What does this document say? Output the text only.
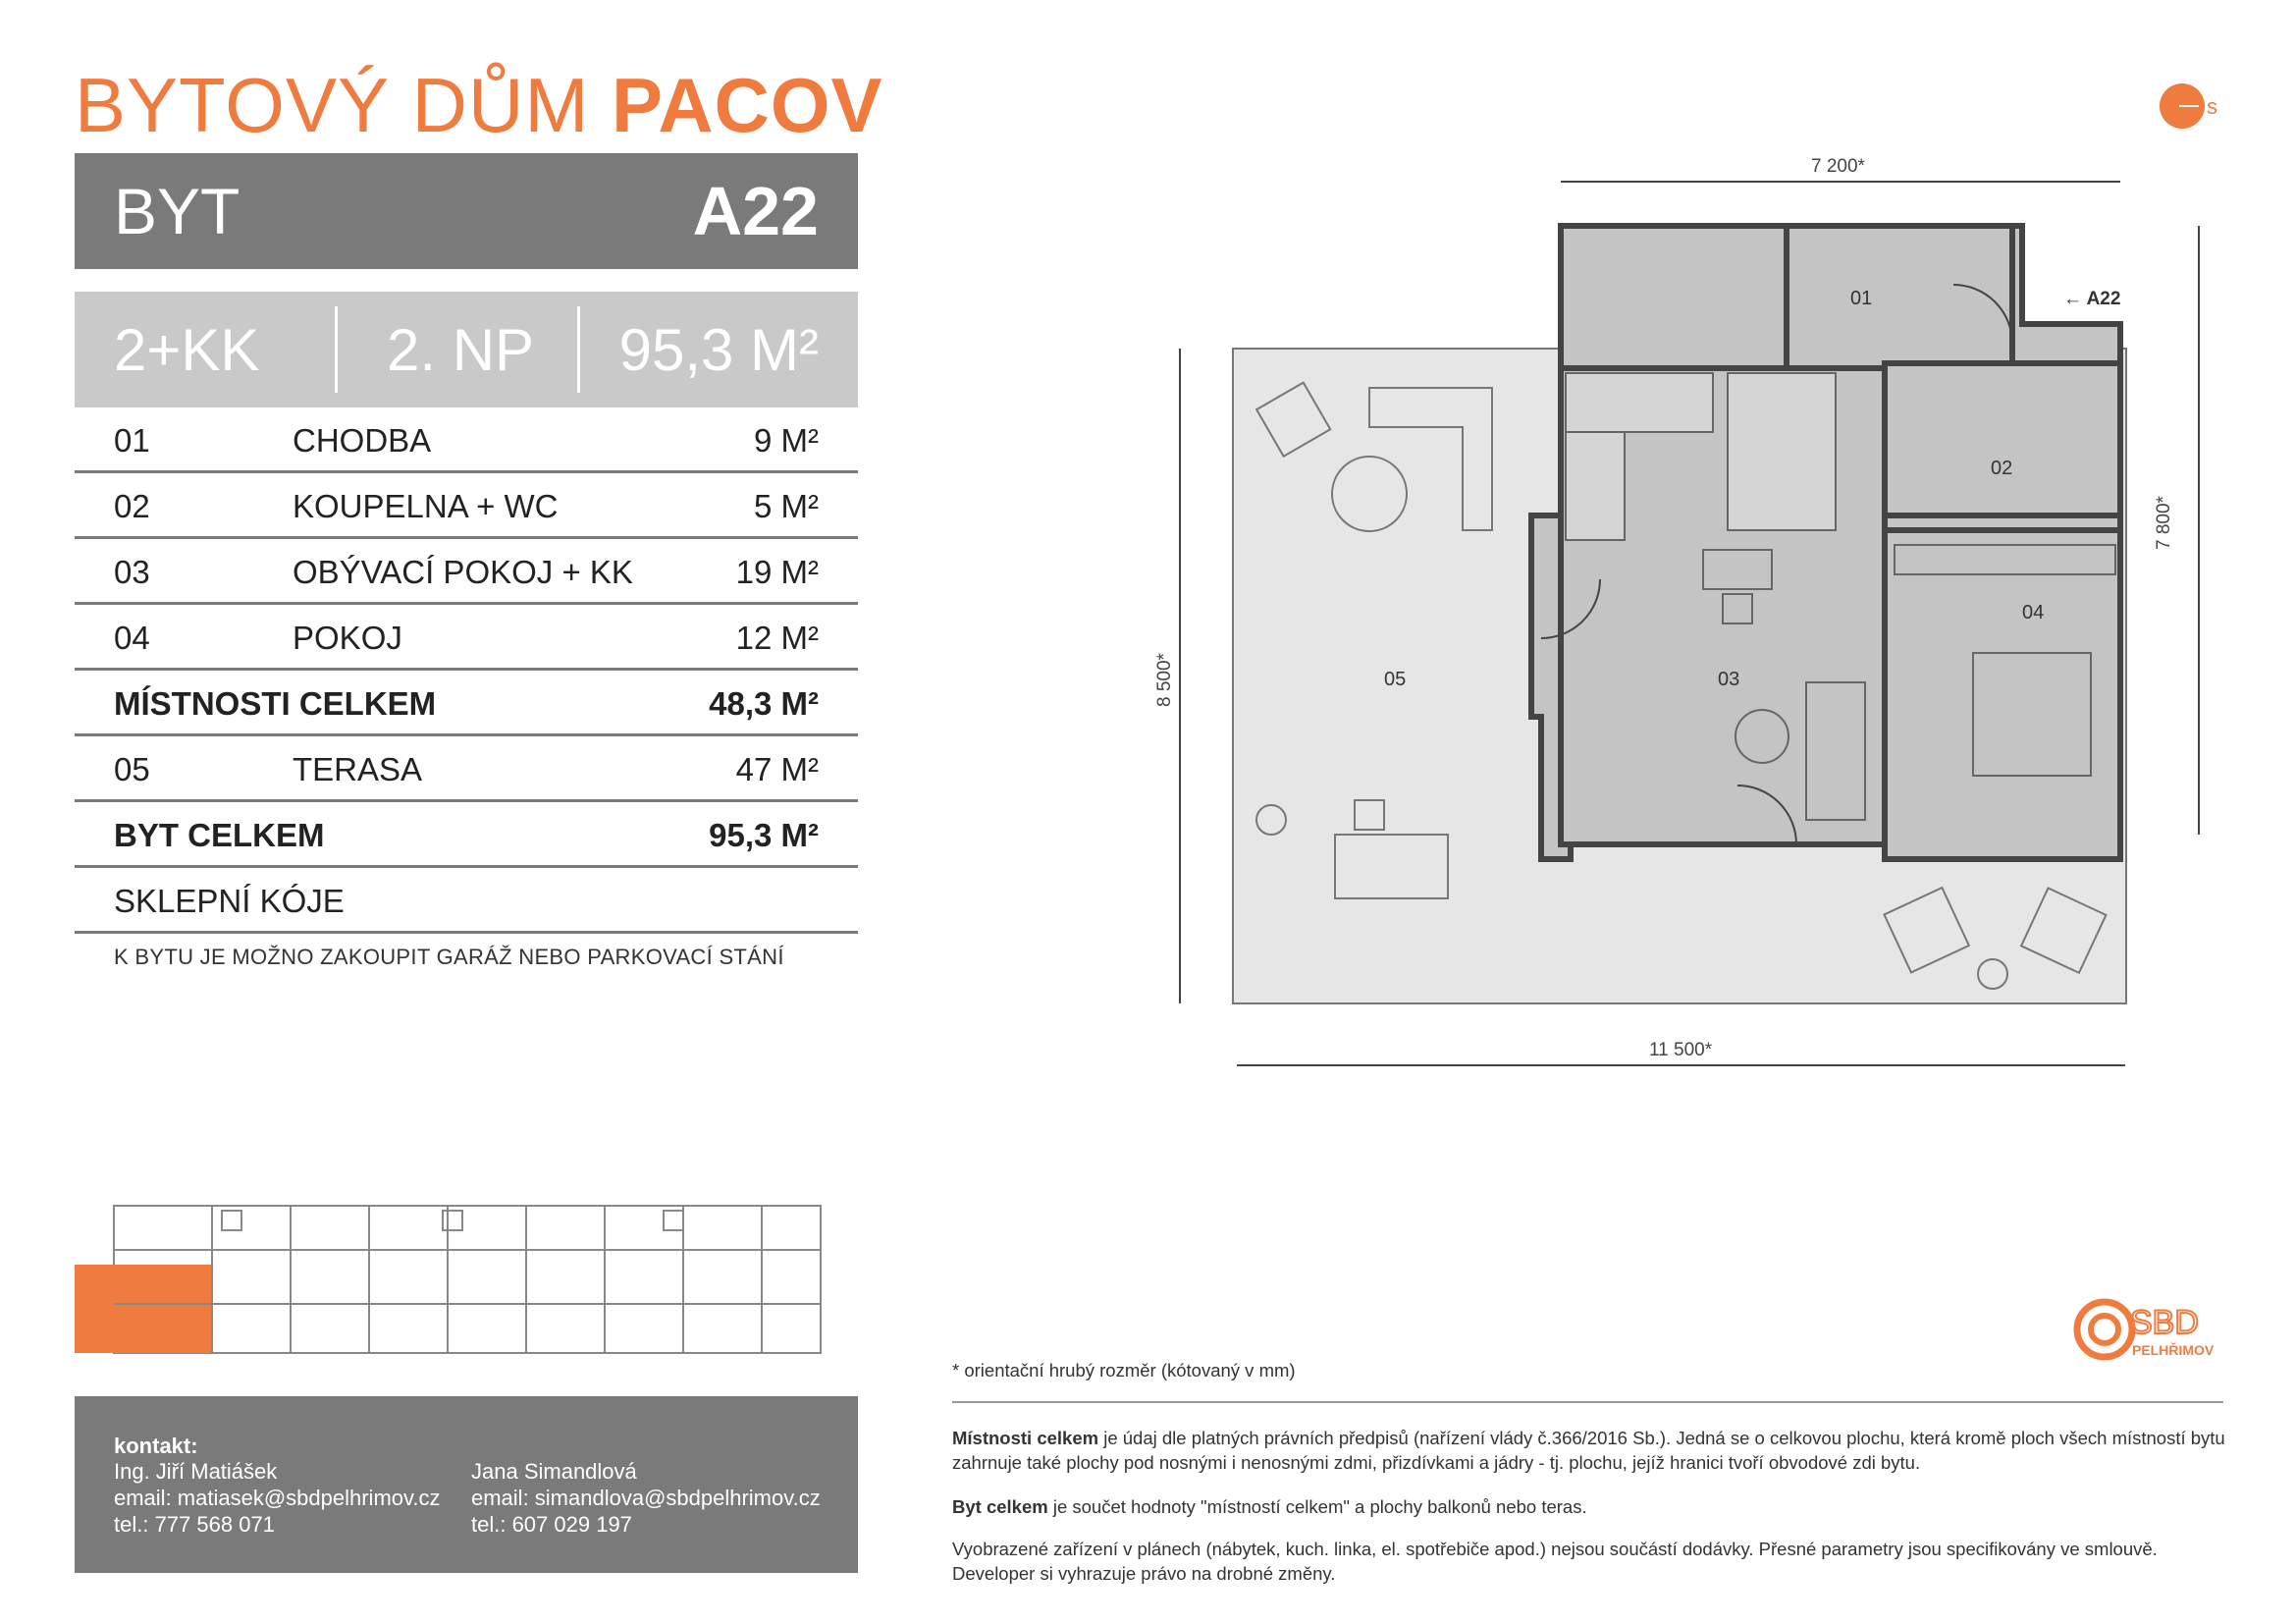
BYTOVÝ DŮM PACOV	s
BYT	A22
2+KK 2. NP 95,3 M²
01	CHODBA	9 M²
02	KOUPELNA + WC	5 M²
03	OBÝVACÍ POKOJ + KK	19 M²
04	POKOJ	12 M²
MÍSTNOSTI CELKEM	48,3 M²
05	TERASA	47 M²
BYT CELKEM	95,3 M²
SKLEPNÍ KÓJE
K BYTU JE MOŽNO ZAKOUPIT GARÁŽ NEBO PARKOVACÍ STÁNÍ
01
02
03
04
05
← A22
7 200*
7 800*
8 500*
11 500*
SBD
PELHŘIMOV
kontakt:
Ing. Jiří Matiášek
email: matiasek@sbdpelhrimov.cz
tel.: 777 568 071
Jana Simandlová
email: simandlova@sbdpelhrimov.cz
tel.: 607 029 197
* orientační hrubý rozměr (kótovaný v mm)
Místnosti celkem je údaj dle platných právních předpisů (nařízení vlády č.366/2016 Sb.). Jedná se o celkovou plochu, která kromě ploch všech místností bytu zahrnuje také plochy pod nosnými i nenosnými zdmi, přizdívkami a jádry - tj. plochu, jejíž hranici tvoří obvodové zdi bytu.
Byt celkem je součet hodnoty "místností celkem" a plochy balkonů nebo teras.
Vyobrazené zařízení v plánech (nábytek, kuch. linka, el. spotřebiče apod.) nejsou součástí dodávky. Přesné parametry jsou specifikovány ve smlouvě. Developer si vyhrazuje právo na drobné změny.
